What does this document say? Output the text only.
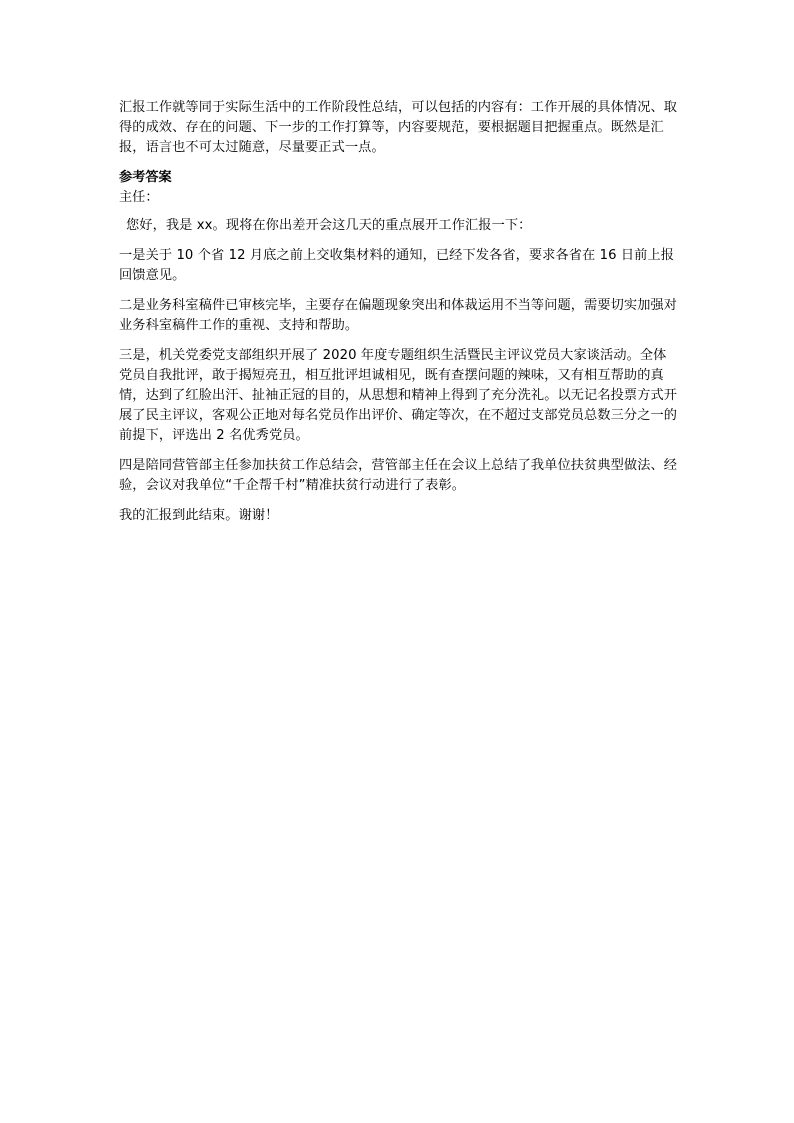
汇报工作就等同于实际生活中的工作阶段性总结，可以包括的内容有：工作开展的具体情况、取得的成效、存在的问题、下一步的工作打算等，内容要规范，要根据题目把握重点。既然是汇报，语言也不可太过随意，尽量要正式一点。

参考答案

主任：

您好，我是 xx。现将在你出差开会这几天的重点展开工作汇报一下：

一是关于 10 个省 12 月底之前上交收集材料的通知，已经下发各省，要求各省在 16 日前上报回馈意见。

二是业务科室稿件已审核完毕，主要存在偏题现象突出和体裁运用不当等问题，需要切实加强对业务科室稿件工作的重视、支持和帮助。

三是，机关党委党支部组织开展了 2020 年度专题组织生活暨民主评议党员大家谈活动。全体党员自我批评，敢于揭短亮丑，相互批评坦诚相见，既有查摆问题的辣味，又有相互帮助的真情，达到了红脸出汗、扯袖正冠的目的，从思想和精神上得到了充分洗礼。以无记名投票方式开展了民主评议，客观公正地对每名党员作出评价、确定等次，在不超过支部党员总数三分之一的前提下，评选出 2 名优秀党员。

四是陪同营管部主任参加扶贫工作总结会，营管部主任在会议上总结了我单位扶贫典型做法、经验，会议对我单位“千企帮千村”精准扶贫行动进行了表彰。

我的汇报到此结束。谢谢！
